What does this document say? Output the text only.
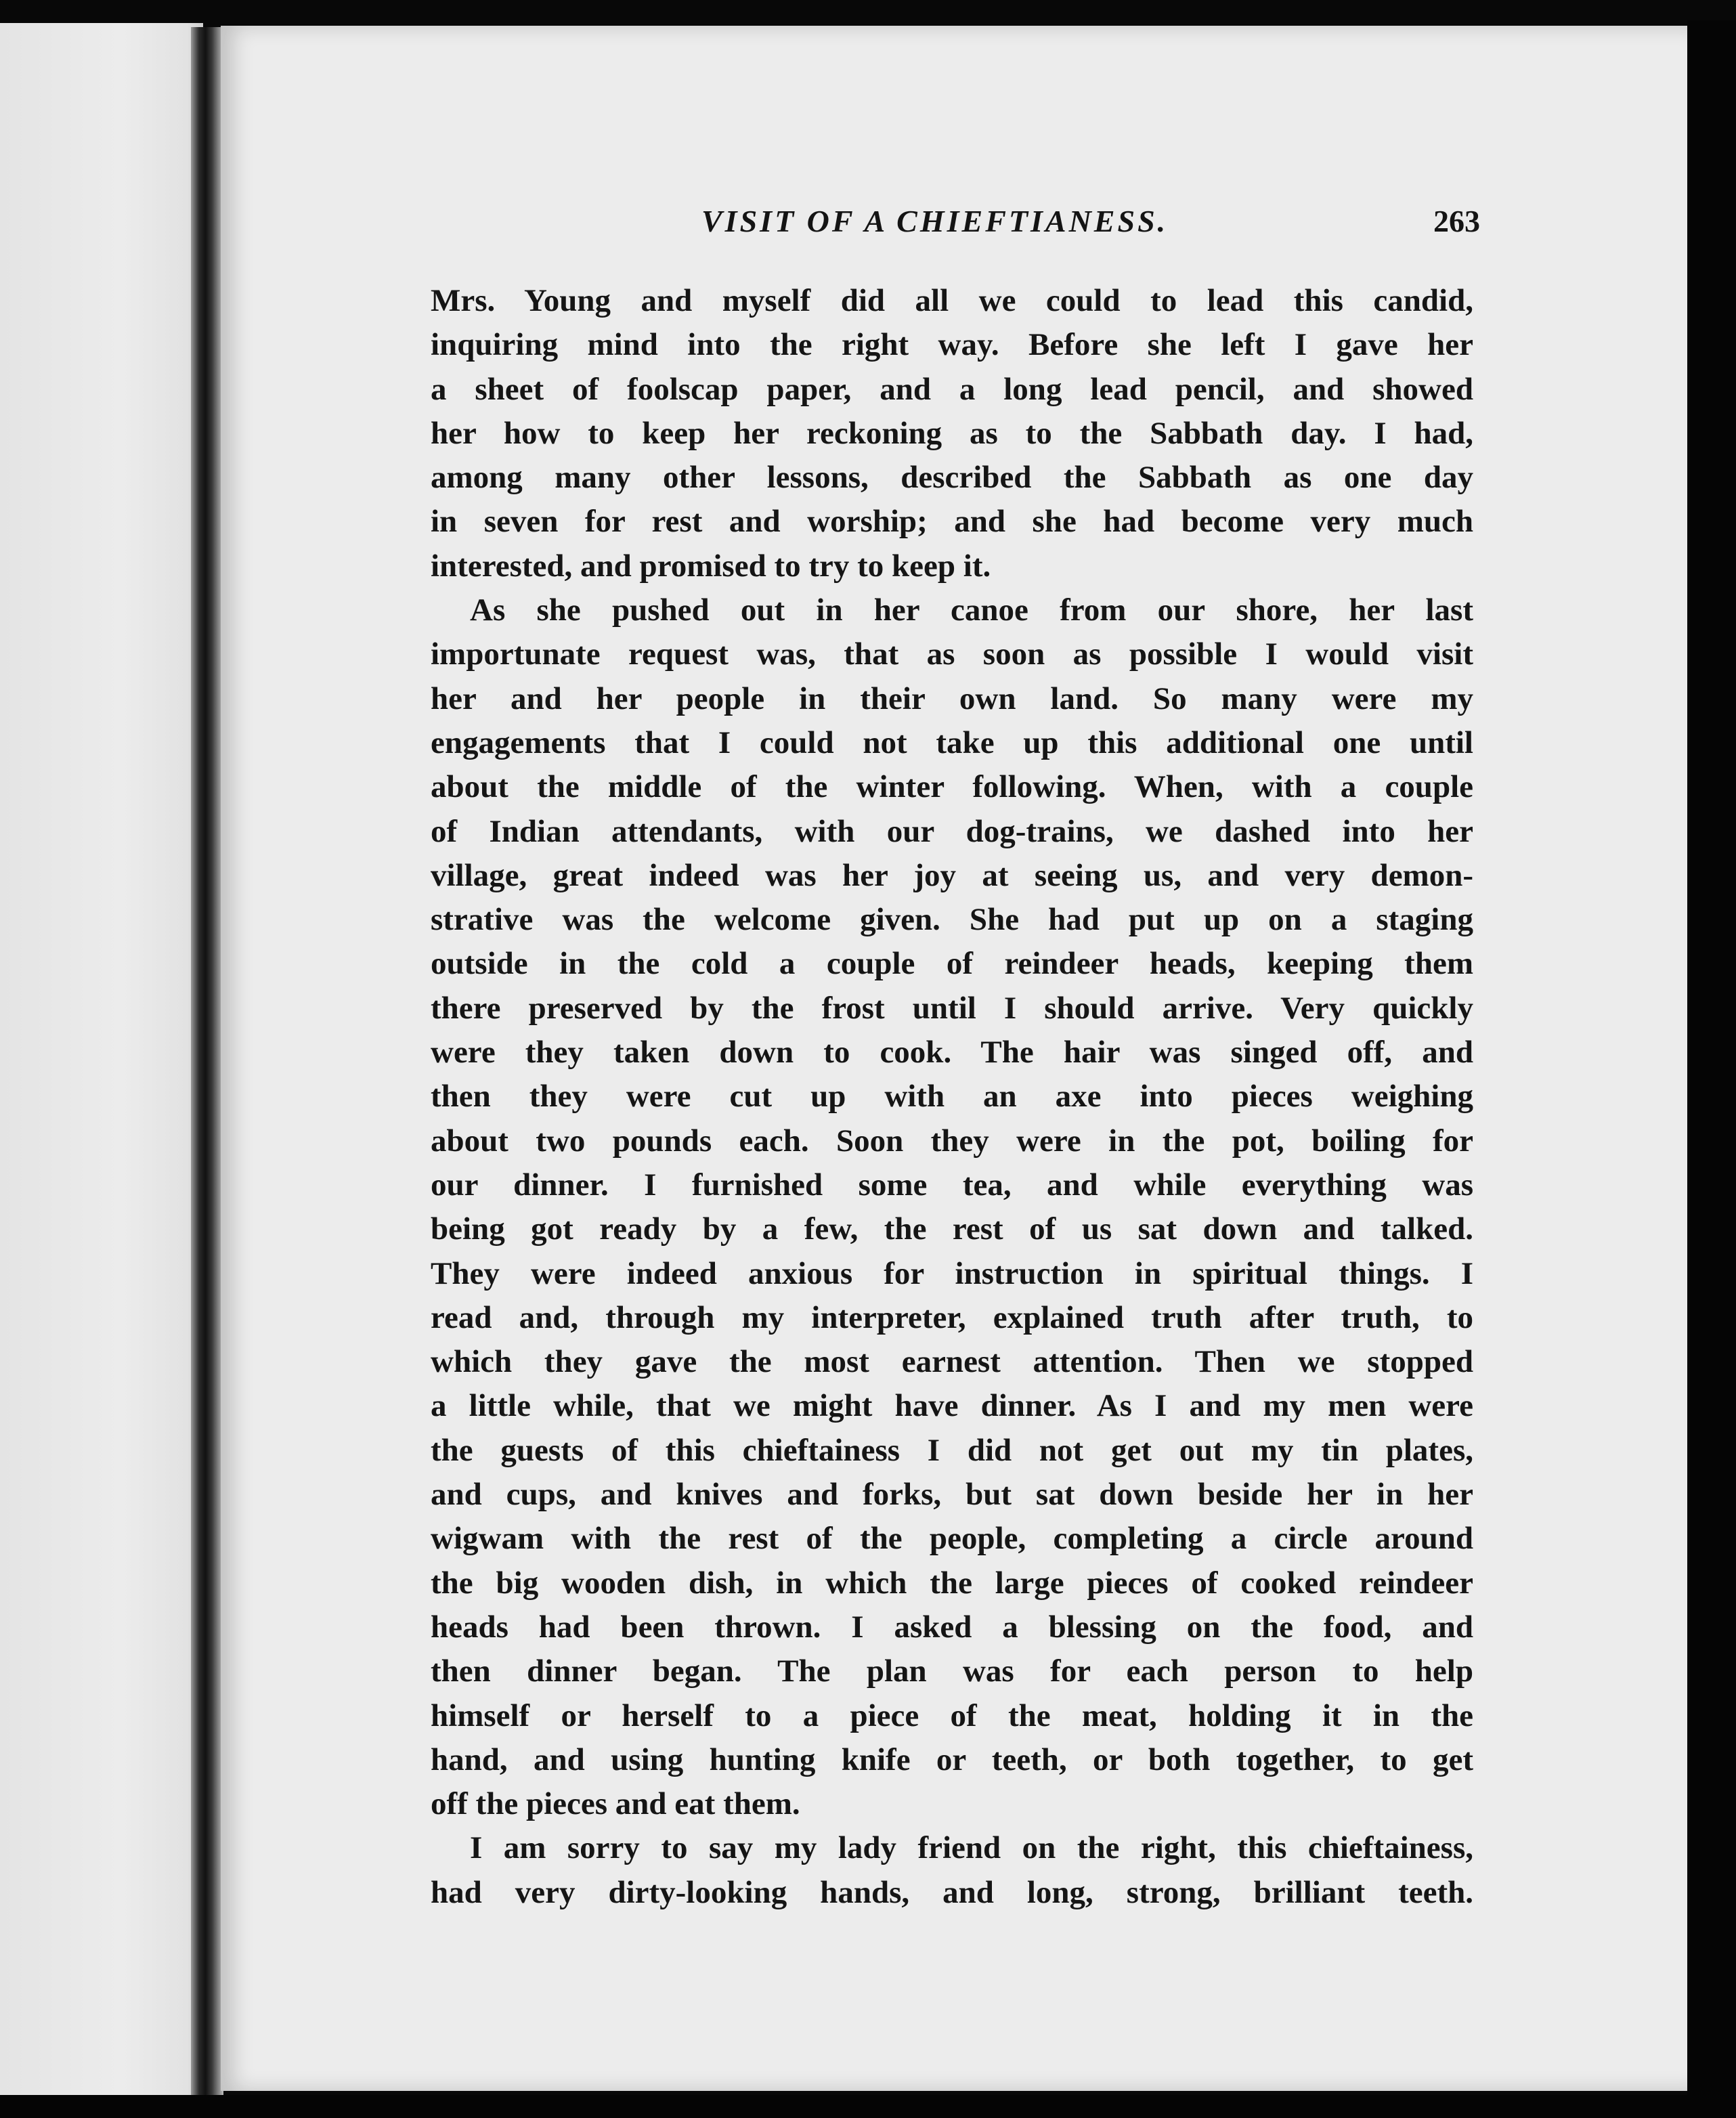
VISIT OF A CHIEFTIANESS.	263
Mrs. Young and myself did all we could to lead this candid,
inquiring mind into the right way. Before she left I gave her
a sheet of foolscap paper, and a long lead pencil, and showed
her how to keep her reckoning as to the Sabbath day. I had,
among many other lessons, described the Sabbath as one day
in seven for rest and worship; and she had become very much
interested, and promised to try to keep it.
As she pushed out in her canoe from our shore, her last
importunate request was, that as soon as possible I would visit
her and her people in their own land. So many were my
engagements that I could not take up this additional one until
about the middle of the winter following. When, with a couple
of Indian attendants, with our dog-trains, we dashed into her
village, great indeed was her joy at seeing us, and very demon-
strative was the welcome given. She had put up on a staging
outside in the cold a couple of reindeer heads, keeping them
there preserved by the frost until I should arrive. Very quickly
were they taken down to cook. The hair was singed off, and
then they were cut up with an axe into pieces weighing
about two pounds each. Soon they were in the pot, boiling for
our dinner. I furnished some tea, and while everything was
being got ready by a few, the rest of us sat down and talked.
They were indeed anxious for instruction in spiritual things. I
read and, through my interpreter, explained truth after truth, to
which they gave the most earnest attention. Then we stopped
a little while, that we might have dinner. As I and my men were
the guests of this chieftainess I did not get out my tin plates,
and cups, and knives and forks, but sat down beside her in her
wigwam with the rest of the people, completing a circle around
the big wooden dish, in which the large pieces of cooked reindeer
heads had been thrown. I asked a blessing on the food, and
then dinner began. The plan was for each person to help
himself or herself to a piece of the meat, holding it in the
hand, and using hunting knife or teeth, or both together, to get
off the pieces and eat them.
I am sorry to say my lady friend on the right, this chieftainess,
had very dirty-looking hands, and long, strong, brilliant teeth.
